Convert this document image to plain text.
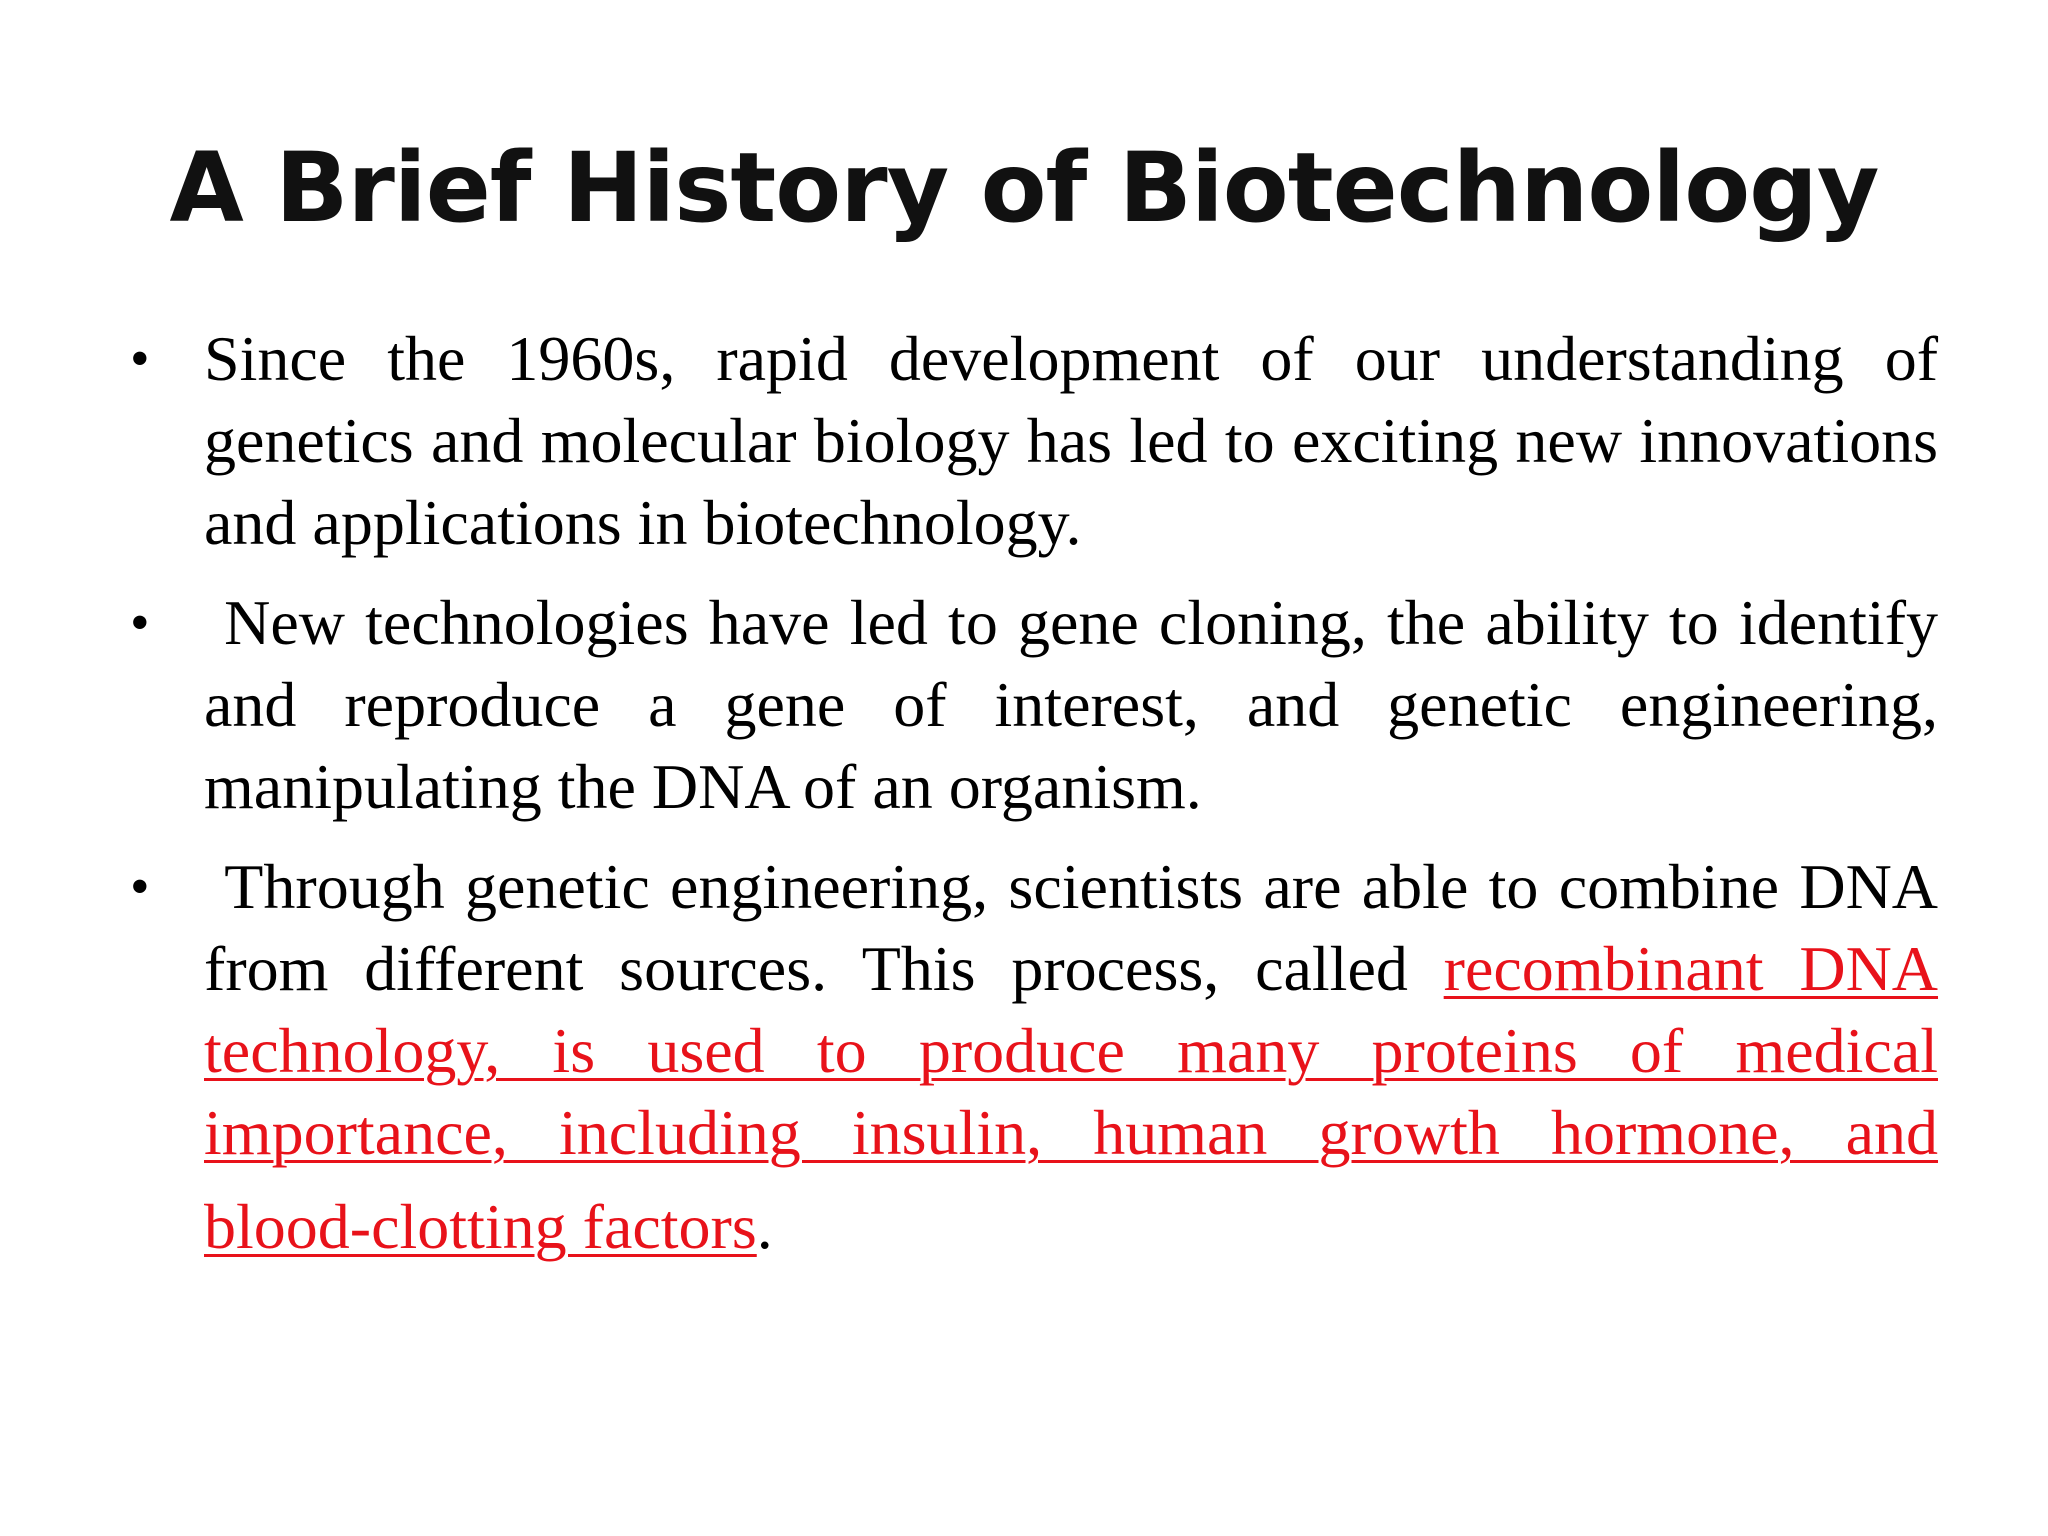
A Brief History of Biotechnology
• Since the 1960s, rapid development of our understanding of genetics and molecular biology has led to exciting new innovations and applications in biotechnology.
• New technologies have led to gene cloning, the ability to identify and reproduce a gene of interest, and genetic engineering, manipulating the DNA of an organism.
• Through genetic engineering, scientists are able to combine DNA from different sources. This process, called recombinant DNA technology, is used to produce many proteins of medical importance, including insulin, human growth hormone, and blood-clotting factors.
